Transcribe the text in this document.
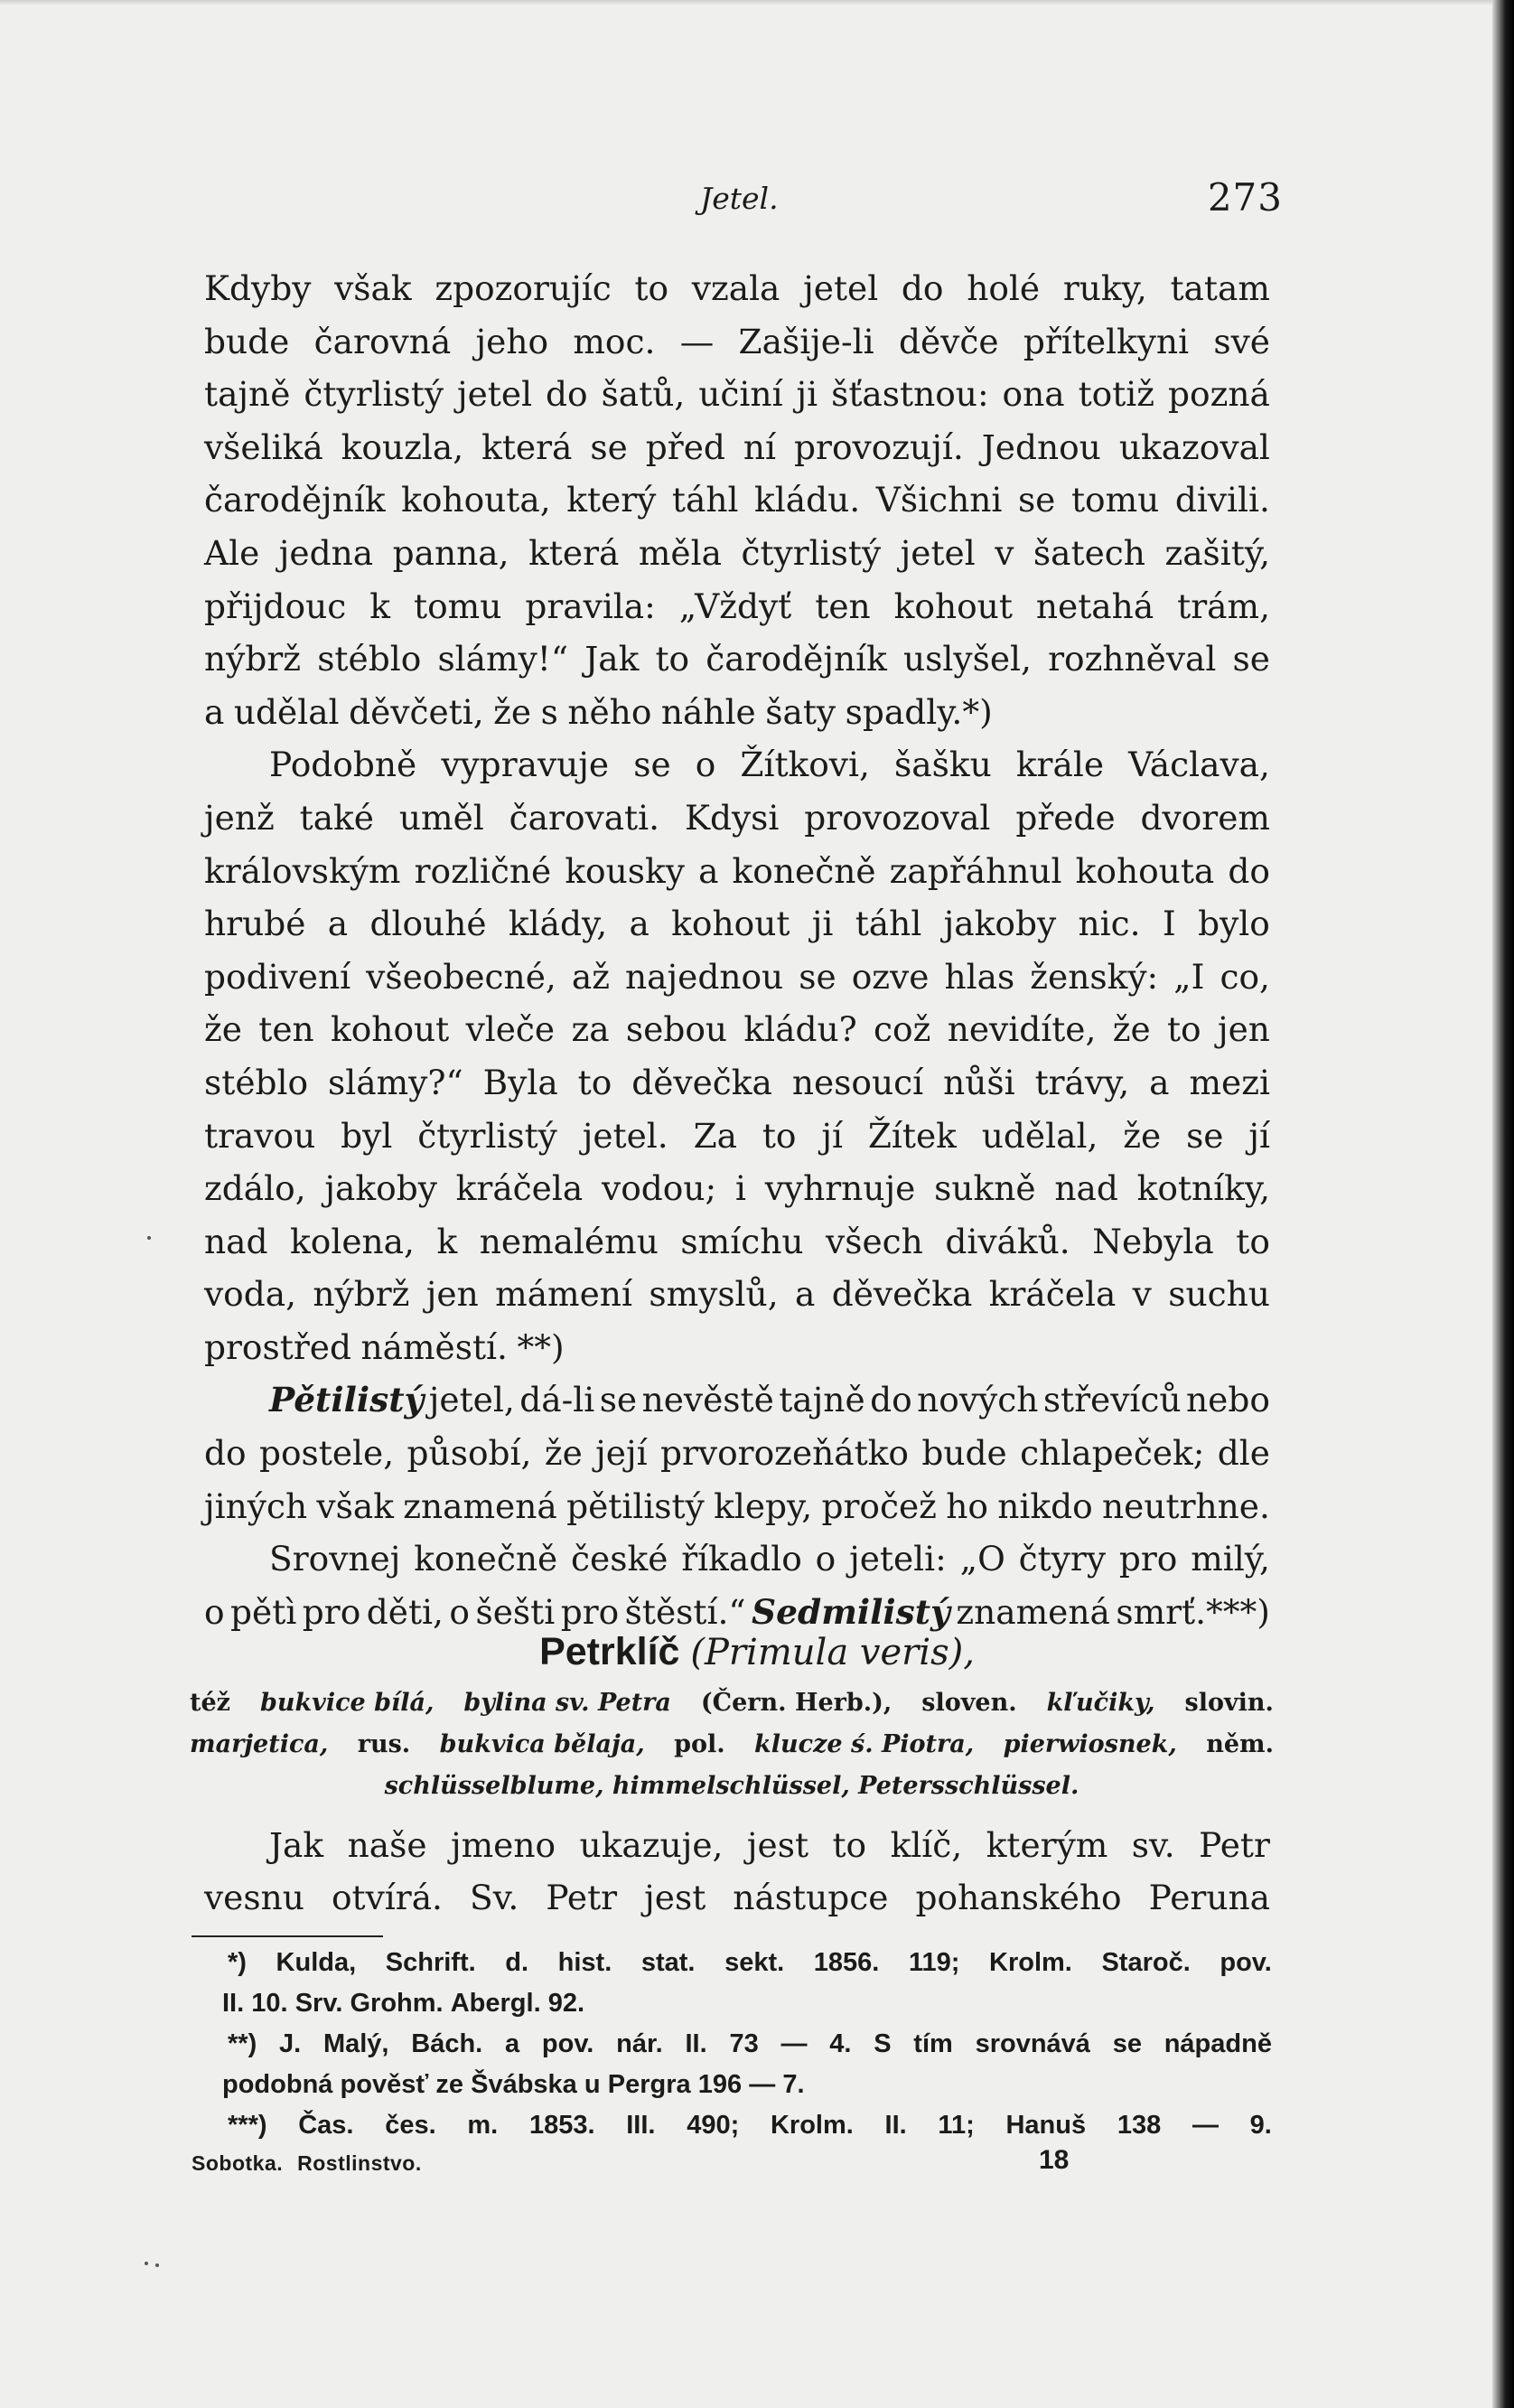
Jetel.	273
Kdyby však zpozorujíc to vzala jetel do holé ruky, tatam
bude čarovná jeho moc. — Zašije-li děvče přítelkyni své
tajně čtyrlistý jetel do šatů, učiní ji šťastnou: ona totiž pozná
všeliká kouzla, která se před ní provozují. Jednou ukazoval
čarodějník kohouta, který táhl kládu. Všichni se tomu divili.
Ale jedna panna, která měla čtyrlistý jetel v šatech zašitý,
přijdouc k tomu pravila: „Vždyť ten kohout netahá trám,
nýbrž stéblo slámy!“ Jak to čarodějník uslyšel, rozhněval se
a udělal děvčeti, že s něho náhle šaty spadly.*)
Podobně vypravuje se o Žítkovi, šašku krále Václava,
jenž také uměl čarovati. Kdysi provozoval přede dvorem
královským rozličné kousky a konečně zapřáhnul kohouta do
hrubé a dlouhé klády, a kohout ji táhl jakoby nic. I bylo
podivení všeobecné, až najednou se ozve hlas ženský: „I co,
že ten kohout vleče za sebou kládu? což nevidíte, že to jen
stéblo slámy?“ Byla to děvečka nesoucí nůši trávy, a mezi
travou byl čtyrlistý jetel. Za to jí Žítek udělal, že se jí
zdálo, jakoby kráčela vodou; i vyhrnuje sukně nad kotníky,
nad kolena, k nemalému smíchu všech diváků. Nebyla to
voda, nýbrž jen mámení smyslů, a děvečka kráčela v suchu
prostřed náměstí. **)
Pětilistý jetel, dá-li se nevěstě tajně do nových střevíců nebo
do postele, působí, že její prvorozeňátko bude chlapeček; dle
jiných však znamená pětilistý klepy, pročež ho nikdo neutrhne.
Srovnej konečně české říkadlo o jeteli: „O čtyry pro milý,
o pětì pro děti, o šešti pro štěstí.“ Sedmilistý znamená smrť.***)
Petrklíč (Primula veris),
též bukvice bílá, bylina sv. Petra (Čern. Herb.), sloven. kľučiky, slovin.
marjetica, rus. bukvica bělaja, pol. klucze ś. Piotra, pierwiosnek, něm.
schlüsselblume, himmelschlüssel, Petersschlüssel.
Jak naše jmeno ukazuje, jest to klíč, kterým sv. Petr
vesnu otvírá. Sv. Petr jest nástupce pohanského Peruna
*) Kulda, Schrift. d. hist. stat. sekt. 1856. 119; Krolm. Staroč. pov.
II. 10. Srv. Grohm. Abergl. 92.
**) J. Malý, Bách. a pov. nár. II. 73 — 4. S tím srovnává se nápadně
podobná pověsť ze Švábska u Pergra 196 — 7.
***) Čas. čes. m. 1853. III. 490; Krolm. II. 11; Hanuš 138 — 9.
Sobotka. Rostlinstvo.	18
